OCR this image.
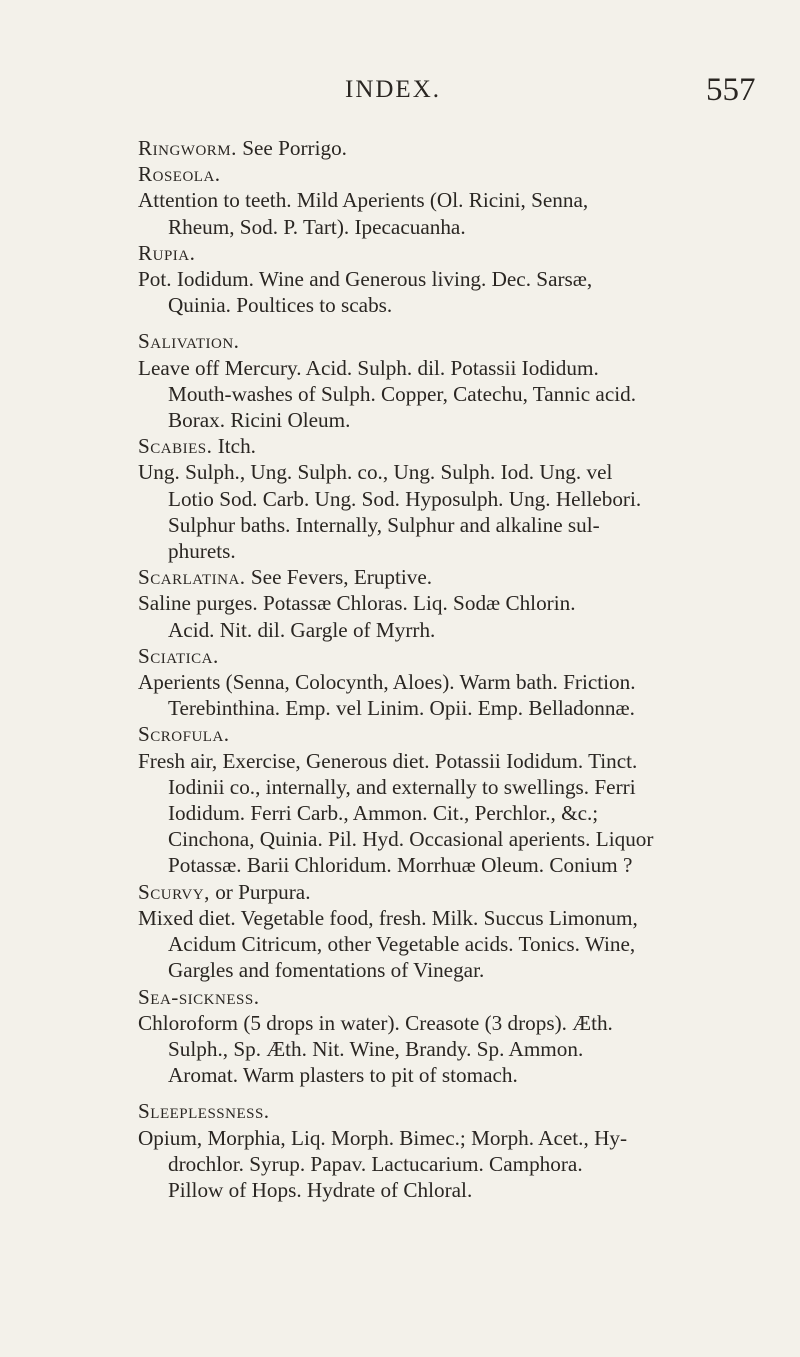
INDEX.	557
Ringworm. See Porrigo.
Roseola.
Attention to teeth. Mild Aperients (Ol. Ricini, Senna,
Rheum, Sod. P. Tart). Ipecacuanha.
Rupia.
Pot. Iodidum. Wine and Generous living. Dec. Sarsæ,
Quinia. Poultices to scabs.
Salivation.
Leave off Mercury. Acid. Sulph. dil. Potassii Iodidum.
Mouth-washes of Sulph. Copper, Catechu, Tannic acid.
Borax. Ricini Oleum.
Scabies. Itch.
Ung. Sulph., Ung. Sulph. co., Ung. Sulph. Iod. Ung. vel
Lotio Sod. Carb. Ung. Sod. Hyposulph. Ung. Hellebori.
Sulphur baths. Internally, Sulphur and alkaline sul-
phurets.
Scarlatina. See Fevers, Eruptive.
Saline purges. Potassæ Chloras. Liq. Sodæ Chlorin.
Acid. Nit. dil. Gargle of Myrrh.
Sciatica.
Aperients (Senna, Colocynth, Aloes). Warm bath. Friction.
Terebinthina. Emp. vel Linim. Opii. Emp. Belladonnæ.
Scrofula.
Fresh air, Exercise, Generous diet. Potassii Iodidum. Tinct.
Iodinii co., internally, and externally to swellings. Ferri
Iodidum. Ferri Carb., Ammon. Cit., Perchlor., &c.;
Cinchona, Quinia. Pil. Hyd. Occasional aperients. Liquor
Potassæ. Barii Chloridum. Morrhuæ Oleum. Conium ?
Scurvy, or Purpura.
Mixed diet. Vegetable food, fresh. Milk. Succus Limonum,
Acidum Citricum, other Vegetable acids. Tonics. Wine,
Gargles and fomentations of Vinegar.
Sea-sickness.
Chloroform (5 drops in water). Creasote (3 drops). Æth.
Sulph., Sp. Æth. Nit. Wine, Brandy. Sp. Ammon.
Aromat. Warm plasters to pit of stomach.
Sleeplessness.
Opium, Morphia, Liq. Morph. Bimec.; Morph. Acet., Hy-
drochlor. Syrup. Papav. Lactucarium. Camphora.
Pillow of Hops. Hydrate of Chloral.
